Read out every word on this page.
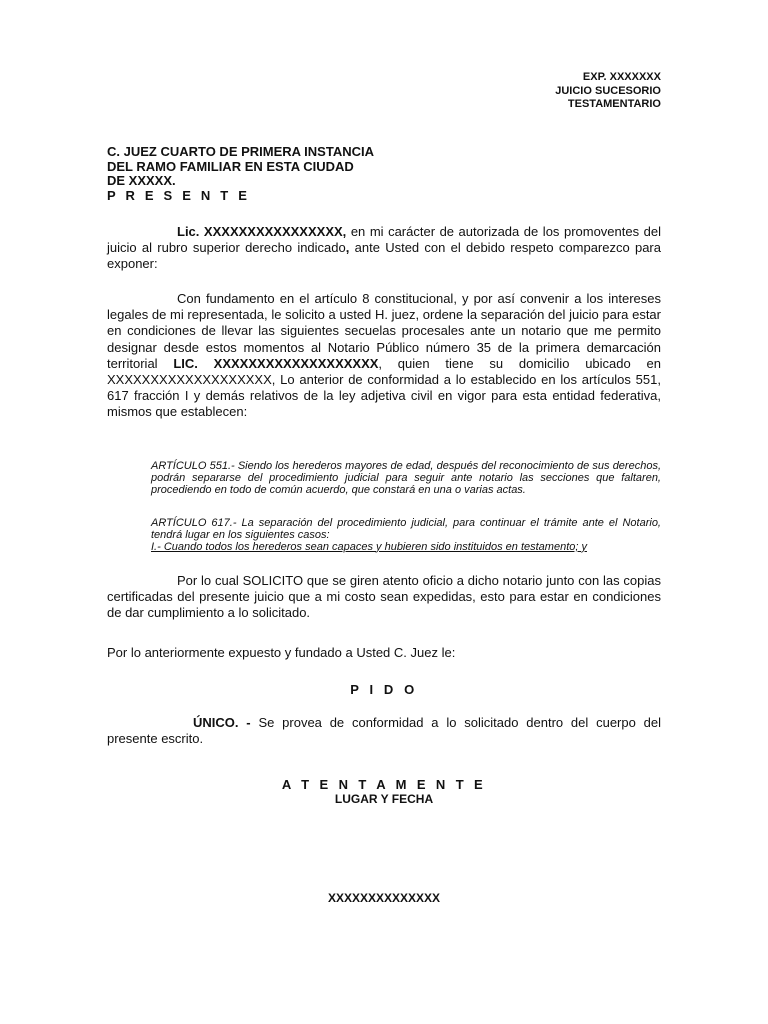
EXP. XXXXXXX
JUICIO SUCESORIO
TESTAMENTARIO
C. JUEZ CUARTO DE PRIMERA INSTANCIA
DEL RAMO FAMILIAR EN ESTA CIUDAD
DE XXXXX.
P R E S E N T E
Lic. XXXXXXXXXXXXXXXX, en mi carácter de autorizada de los promoventes del juicio al rubro superior derecho indicado, ante Usted con el debido respeto comparezco para exponer:
Con fundamento en el artículo 8 constitucional, y por así convenir a los intereses legales de mi representada, le solicito a usted H. juez, ordene la separación del juicio para estar en condiciones de llevar las siguientes secuelas procesales ante un notario que me permito designar desde estos momentos al Notario Público número 35 de la primera demarcación territorial LIC. XXXXXXXXXXXXXXXXXXX, quien tiene su domicilio ubicado en XXXXXXXXXXXXXXXXXXX, Lo anterior de conformidad a lo establecido en los artículos 551, 617 fracción I y demás relativos de la ley adjetiva civil en vigor para esta entidad federativa, mismos que establecen:
ARTÍCULO 551.- Siendo los herederos mayores de edad, después del reconocimiento de sus derechos, podrán separarse del procedimiento judicial para seguir ante notario las secciones que faltaren, procediendo en todo de común acuerdo, que constará en una o varias actas.
ARTÍCULO 617.- La separación del procedimiento judicial, para continuar el trámite ante el Notario, tendrá lugar en los siguientes casos:
I.- Cuando todos los herederos sean capaces y hubieren sido instituidos en testamento; y
Por lo cual SOLICITO que se giren atento oficio a dicho notario junto con las copias certificadas del presente juicio que a mi costo sean expedidas, esto para estar en condiciones de dar cumplimiento a lo solicitado.
Por lo anteriormente expuesto y fundado a Usted C. Juez le:
P I D O
ÚNICO. - Se provea de conformidad a lo solicitado dentro del cuerpo del presente escrito.
A T E N T A M E N T E
LUGAR Y FECHA
XXXXXXXXXXXXXX
